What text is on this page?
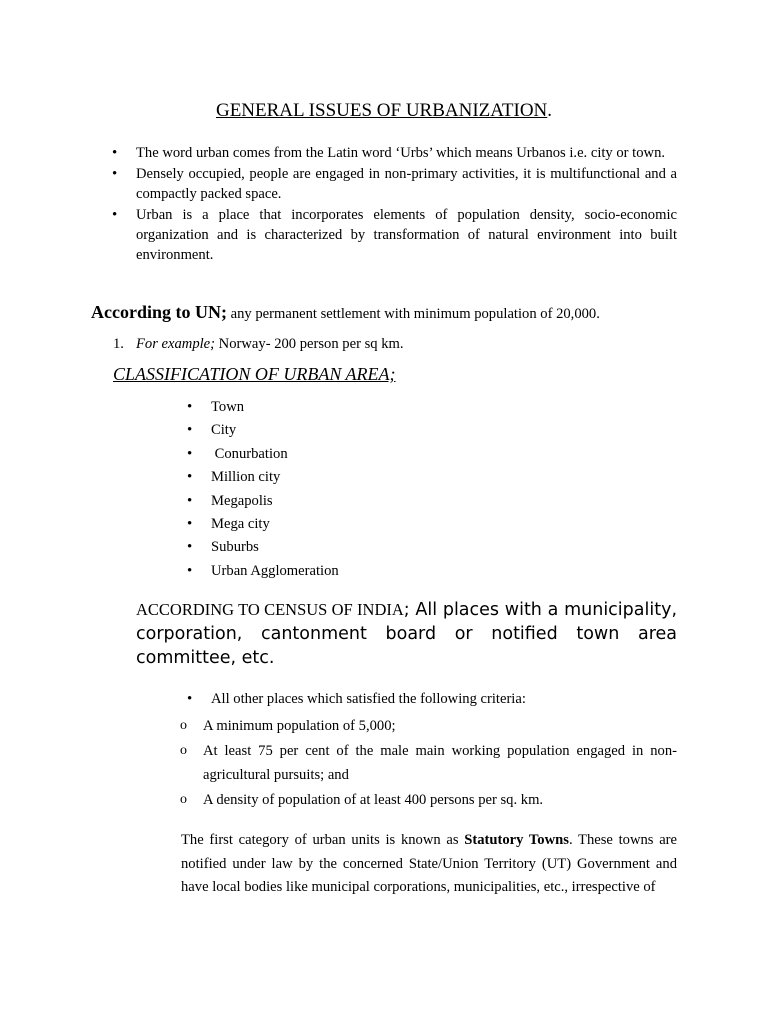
GENERAL ISSUES OF URBANIZATION.
• The word urban comes from the Latin word ‘Urbs’ which means Urbanos i.e. city or town.
• Densely occupied, people are engaged in non-primary activities, it is multifunctional and a compactly packed space.
• Urban is a place that incorporates elements of population density, socio-economic organization and is characterized by transformation of natural environment into built environment.
According to UN; any permanent settlement with minimum population of 20,000.
1. For example; Norway- 200 person per sq km.
CLASSIFICATION OF URBAN AREA;
• Town
• City
•  Conurbation
• Million city
• Megapolis
• Mega city
• Suburbs
• Urban Agglomeration
ACCORDING TO CENSUS OF INDIA; All places with a municipality, corporation, cantonment board or notified town area committee, etc.
• All other places which satisfied the following criteria:
o A minimum population of 5,000;
o At least 75 per cent of the male main working population engaged in non-agricultural pursuits; and
o A density of population of at least 400 persons per sq. km.
The first category of urban units is known as Statutory Towns. These towns are notified under law by the concerned State/Union Territory (UT) Government and have local bodies like municipal corporations, municipalities, etc., irrespective of
